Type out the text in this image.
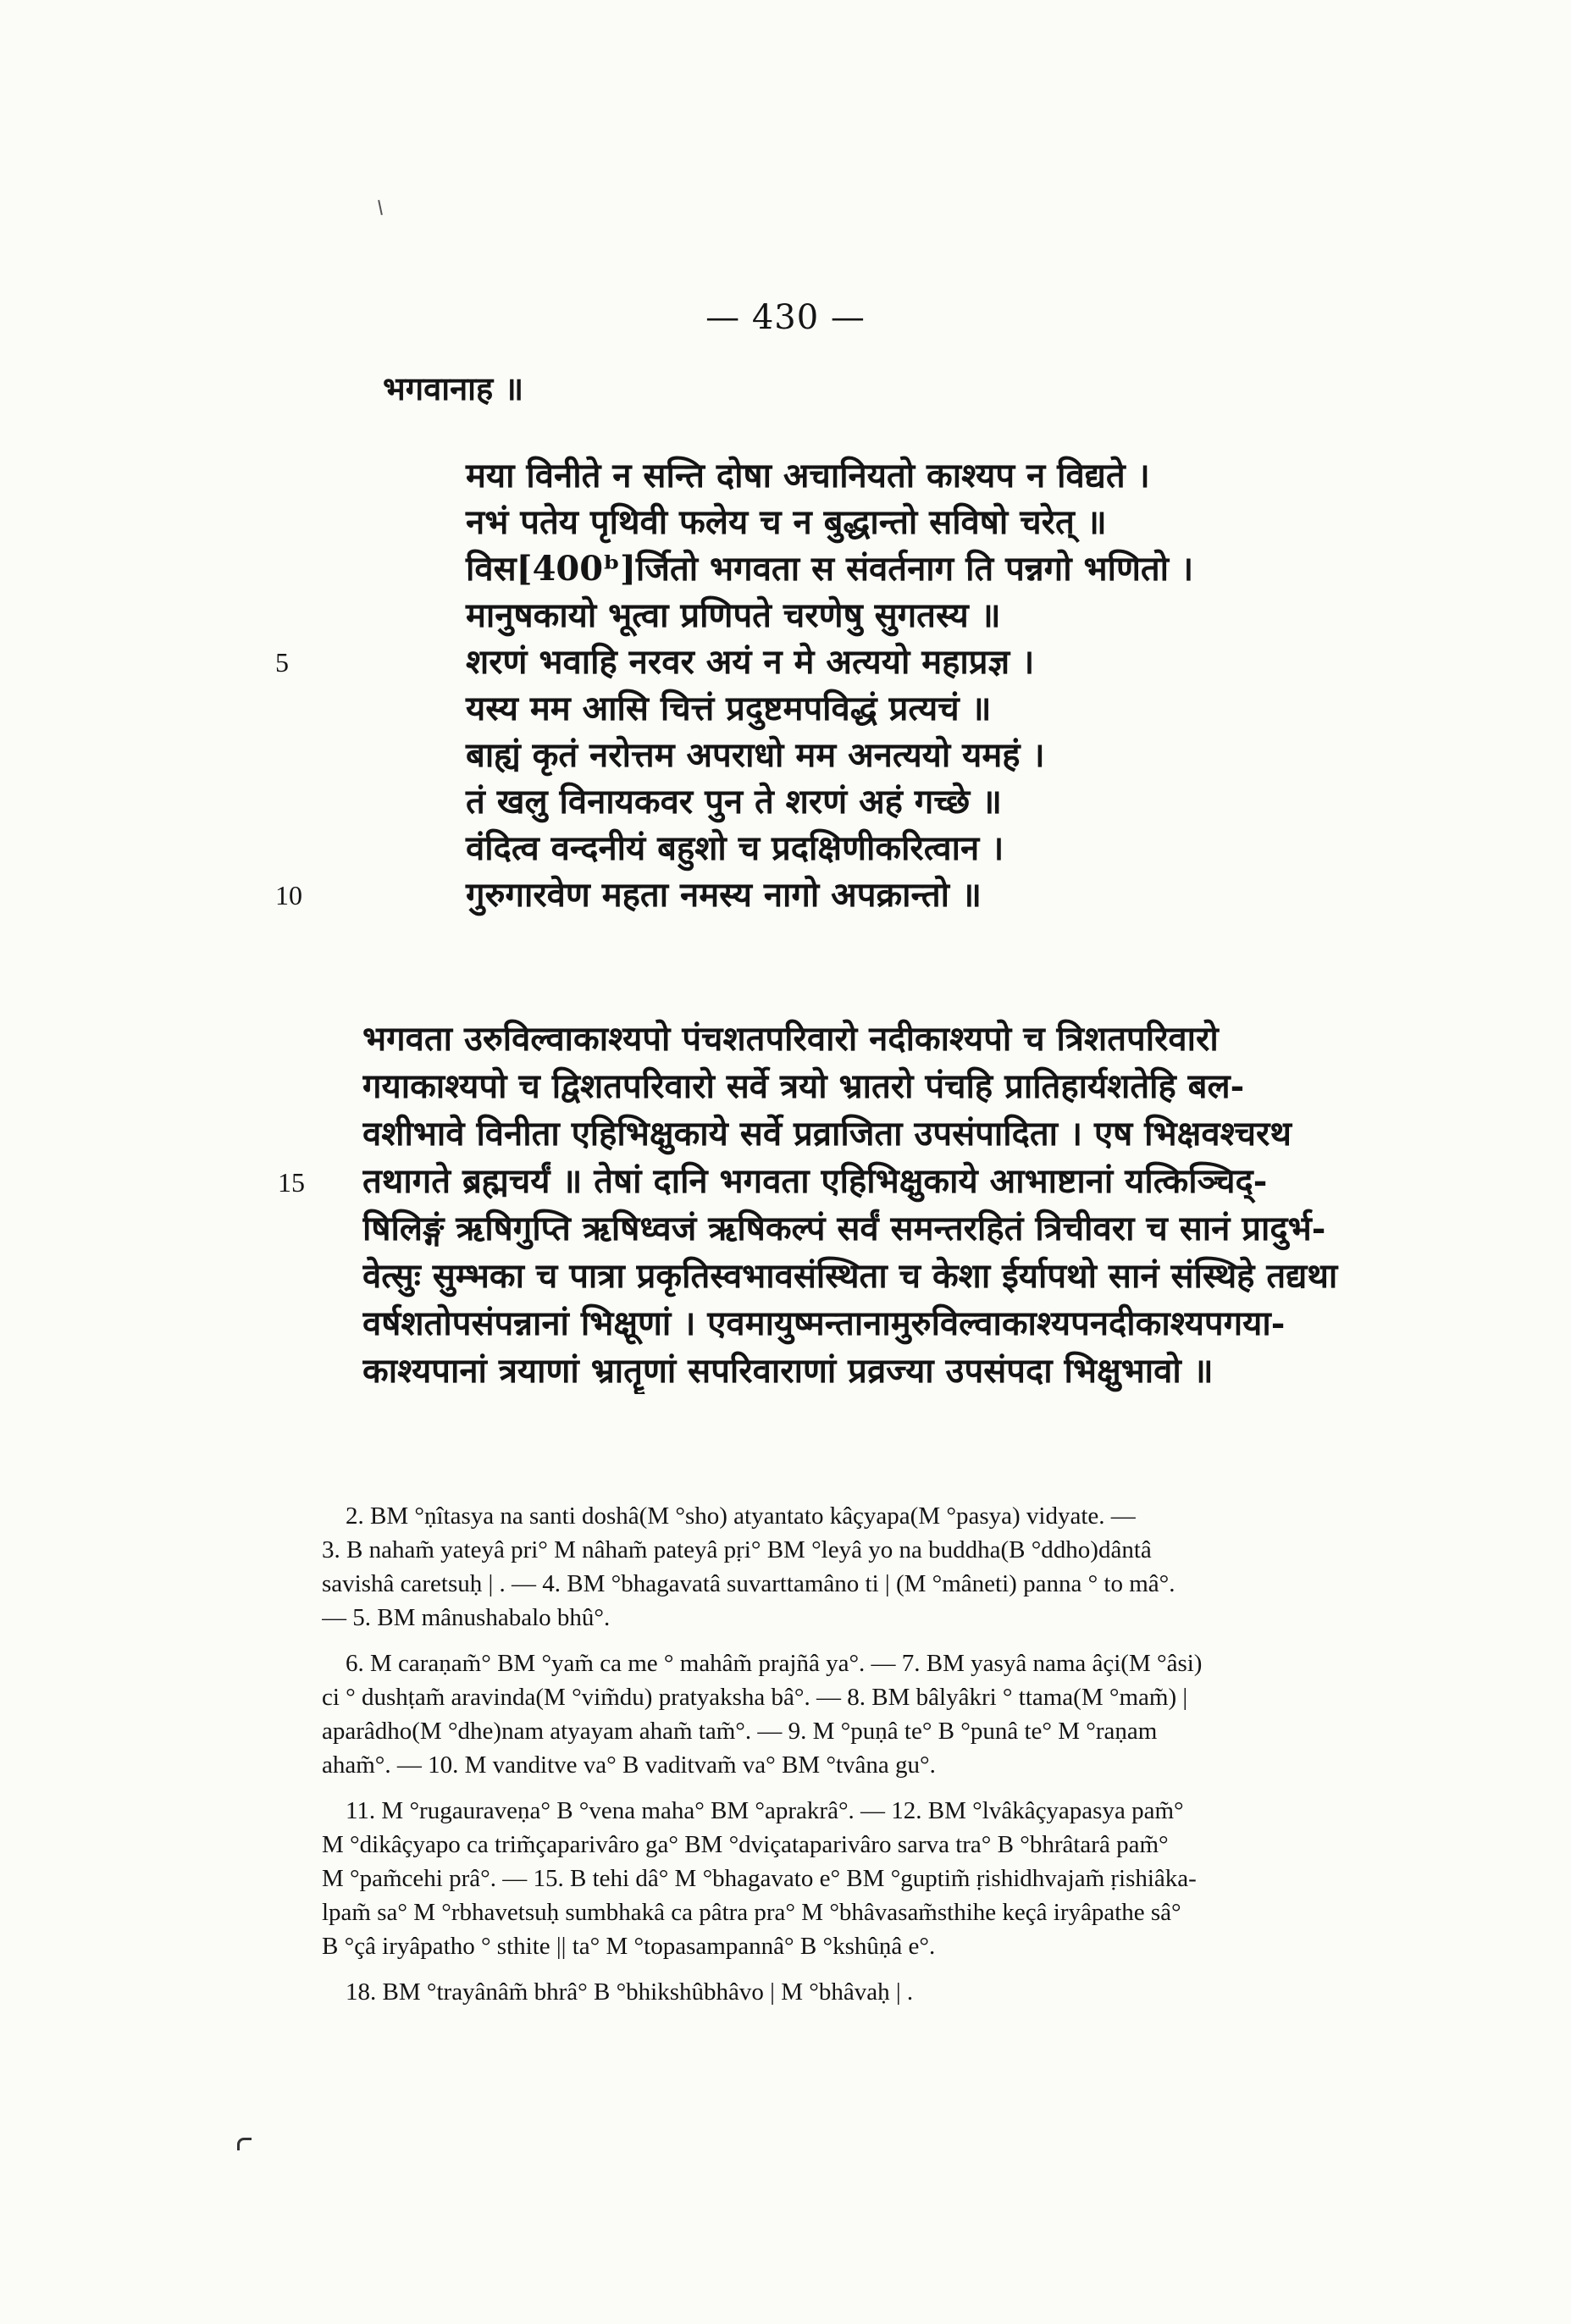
— 430 —
भगवानाह ॥
मया विनीते न सन्ति दोषा अचानियतो काश्यप न विद्यते ।
नभं पतेय पृथिवी फलेय च न बुद्धान्तो सविषो चरेत् ॥
विस[400ᵇ]र्जितो भगवता स संवर्तनाग ति पन्नगो भणितो ।
मानुषकायो भूत्वा प्रणिपते चरणेषु सुगतस्य ॥
शरणं भवाहि नरवर अयं न मे अत्ययो महाप्रज्ञ ।
यस्य मम आसि चित्तं प्रदुष्टमपविद्धं प्रत्यचं ॥
बाह्यं कृतं नरोत्तम अपराधो मम अनत्ययो यमहं ।
तं खलु विनायकवर पुन ते शरणं अहं गच्छे ॥
वंदित्व वन्दनीयं बहुशो च प्रदक्षिणीकरित्वान ।
गुरुगारवेण महता नमस्य नागो अपक्रान्तो ॥
5
10
भगवता उरुविल्वाकाश्यपो पंचशतपरिवारो नदीकाश्यपो च त्रिशतपरिवारो
गयाकाश्यपो च द्विशतपरिवारो सर्वे त्रयो भ्रातरो पंचहि प्रातिहार्यशतेहि बल-
वशीभावे विनीता एहिभिक्षुकाये सर्वे प्रव्राजिता उपसंपादिता । एष भिक्षवश्चरथ
तथागते ब्रह्मचर्यं ॥ तेषां दानि भगवता एहिभिक्षुकाये आभाष्टानां यत्किञ्चिद्-
षिलिङ्गं ऋषिगुप्ति ऋषिध्वजं ऋषिकल्पं सर्वं समन्तरहितं त्रिचीवरा च सानं प्रादुर्भ-
वेत्सुः सुम्भका च पात्रा प्रकृतिस्वभावसंस्थिता च केशा ईर्यापथो सानं संस्थिहे तद्यथा
वर्षशतोपसंपन्नानां भिक्षूणां । एवमायुष्मन्तानामुरुविल्वाकाश्यपनदीकाश्यपगया-
काश्यपानां त्रयाणां भ्रातॄणां सपरिवाराणां प्रव्रज्या उपसंपदा भिक्षुभावो ॥
15
2. BM °ṇîtasya na santi doshâ(M °sho) atyantato kâçyapa(M °pasya) vidyate. —
3. B naham̃ yateyâ pri° M nâham̃ pateyâ pṛi° BM °leyâ yo na buddha(B °ddho)dântâ
savishâ caretsuḥ | . — 4. BM °bhagavatâ suvarttamâno ti | (M °mâneti) panna ° to mâ°.
— 5. BM mânushabalo bhû°.
6. M caraṇam̃° BM °yam̃ ca me ° mahâm̃ prajñâ ya°. — 7. BM yasyâ nama âçi(M °âsi)
ci ° dushṭam̃ aravinda(M °vim̃du) pratyaksha bâ°. — 8. BM bâlyâkri ° ttama(M °mam̃) |
aparâdho(M °dhe)nam atyayam aham̃ tam̃°. — 9. M °puṇâ te° B °punâ te° M °raṇam
aham̃°. — 10. M vanditve va° B vaditvam̃ va° BM °tvâna gu°.
11. M °rugauraveṇa° B °vena maha° BM °aprakrâ°. — 12. BM °lvâkâçyapasya pam̃°
M °dikâçyapo ca trim̃çaparivâro ga° BM °dviçataparivâro sarva tra° B °bhrâtarâ pam̃°
M °pam̃cehi prâ°. — 15. B tehi dâ° M °bhagavato e° BM °guptim̃ ṛishidhvajam̃ ṛishiâka-
lpam̃ sa° M °rbhavetsuḥ sumbhakâ ca pâtra pra° M °bhâvasam̃sthihe keçâ iryâpathe sâ°
B °çâ iryâpatho ° sthite || ta° M °topasampannâ° B °kshûṇâ e°.
18. BM °trayânâm̃ bhrâ° B °bhikshûbhâvo | M °bhâvaḥ | .
